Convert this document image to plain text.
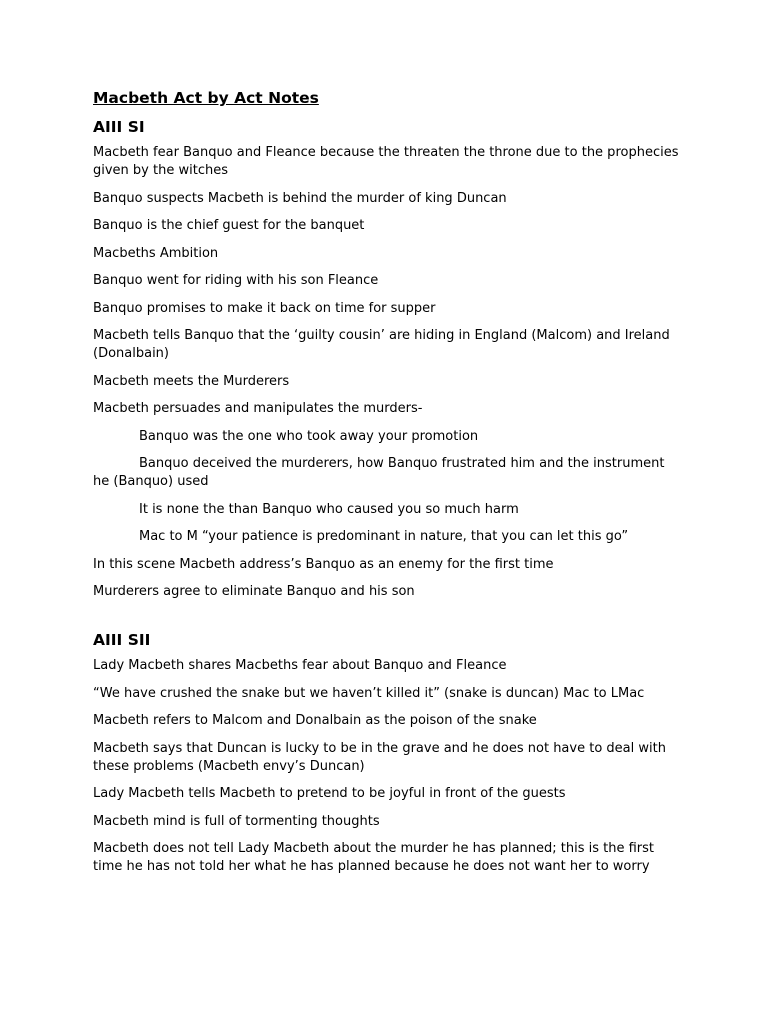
Macbeth Act by Act Notes
AIII SI

Macbeth fear Banquo and Fleance because the threaten the throne due to the prophecies given by the witches

Banquo suspects Macbeth is behind the murder of king Duncan

Banquo is the chief guest for the banquet

Macbeths Ambition

Banquo went for riding with his son Fleance

Banquo promises to make it back on time for supper

Macbeth tells Banquo that the ‘guilty cousin’ are hiding in England (Malcom) and Ireland (Donalbain)

Macbeth meets the Murderers

Macbeth persuades and manipulates the murders-

Banquo was the one who took away your promotion

Banquo deceived the murderers, how Banquo frustrated him and the instrument he (Banquo) used

It is none the than Banquo who caused you so much harm

Mac to M “your patience is predominant in nature, that you can let this go”

In this scene Macbeth address’s Banquo as an enemy for the first time

Murderers agree to eliminate Banquo and his son

AIII SII

Lady Macbeth shares Macbeths fear about Banquo and Fleance

“We have crushed the snake but we haven’t killed it” (snake is duncan) Mac to LMac

Macbeth refers to Malcom and Donalbain as the poison of the snake

Macbeth says that Duncan is lucky to be in the grave and he does not have to deal with these problems (Macbeth envy’s Duncan)

Lady Macbeth tells Macbeth to pretend to be joyful in front of the guests

Macbeth mind is full of tormenting thoughts

Macbeth does not tell Lady Macbeth about the murder he has planned; this is the first time he has not told her what he has planned because he does not want her to worry
